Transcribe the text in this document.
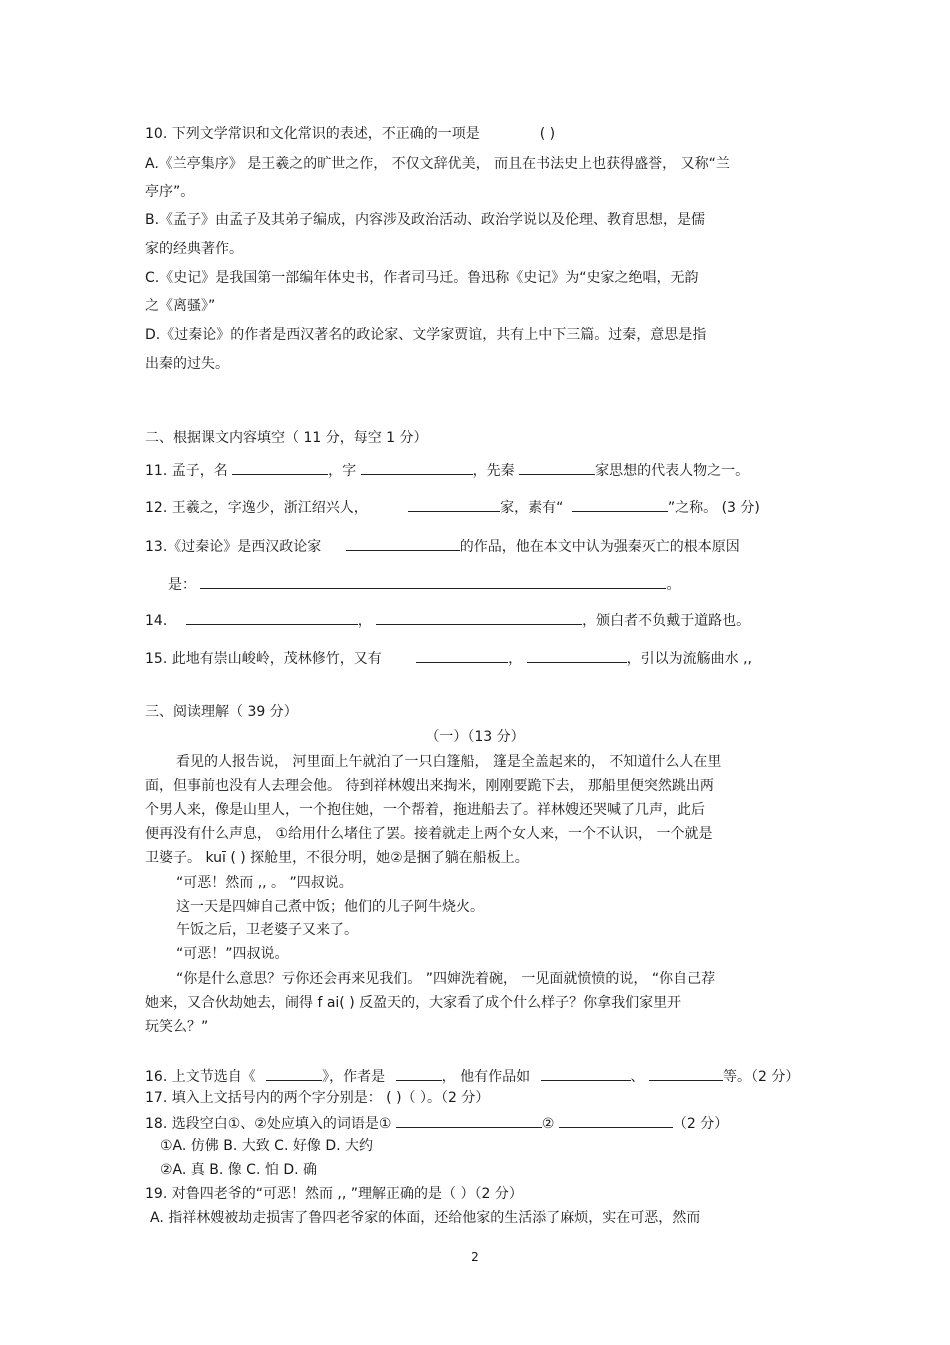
10. 下列文学常识和文化常识的表述，不正确的一项是	( )
A.《兰亭集序》 是王羲之的旷世之作， 不仅文辞优美， 而且在书法史上也获得盛誉， 又称“兰
亭序”。
B.《孟子》由孟子及其弟子编成，内容涉及政治活动、政治学说以及伦理、教育思想，是儒
家的经典著作。
C.《史记》是我国第一部编年体史书，作者司马迁。鲁迅称《史记》为“史家之绝唱，无韵
之《离骚》”
D.《过秦论》的作者是西汉著名的政论家、文学家贾谊，共有上中下三篇。过秦，意思是指
出秦的过失。
二、根据课文内容填空（ 11 分，每空 1 分）
11. 孟子，名	，字	，先秦	家思想的代表人物之一。
12. 王羲之，字逸少，浙江绍兴人，	家，素有“	”之称。 (3 分)
13.《过秦论》是西汉政论家	的作品，他在本文中认为强秦灭亡的根本原因
是：	。
14.	，	，颁白者不负戴于道路也。
15. 此地有崇山峻岭，茂林修竹，又有	，	，引以为流觞曲水 ,,
三、阅读理解（ 39 分）
（一）（13 分）
看见的人报告说， 河里面上午就泊了一只白篷船， 篷是全盖起来的， 不知道什么人在里
面，但事前也没有人去理会他。 待到祥林嫂出来掏米，刚刚要跪下去， 那船里便突然跳出两
个男人来，像是山里人，一个抱住她，一个帮着，拖进船去了。祥林嫂还哭喊了几声，此后
便再没有什么声息， ①给用什么堵住了罢。接着就走上两个女人来，一个不认识， 一个就是
卫婆子。 kuī ( ) 探舱里，不很分明，她②是捆了躺在船板上。
“可恶！然而 ,, 。 ”四叔说。
这一天是四婶自己煮中饭；他们的儿子阿牛烧火。
午饭之后，卫老婆子又来了。
“可恶！”四叔说。
“你是什么意思？亏你还会再来见我们。 ”四婶洗着碗， 一见面就愤愤的说， “你自己荐
她来，又合伙劫她去，闹得 f ai( ) 反盈天的，大家看了成个什么样子？你拿我们家里开
玩笑么？”
16. 上文节选自《	》，作者是	， 他有作品如	、	等。（2 分）
17. 填入上文括号内的两个字分别是： ( )（ ）。（2 分）
18. 选段空白①、②处应填入的词语是①	②	（2 分）
①A. 仿佛 B. 大致 C. 好像 D. 大约
②A. 真 B. 像 C. 怕 D. 确
19. 对鲁四老爷的“可恶！然而 ,, ”理解正确的是（ ）（2 分）
A. 指祥林嫂被劫走损害了鲁四老爷家的体面，还给他家的生活添了麻烦，实在可恶，然而
2
